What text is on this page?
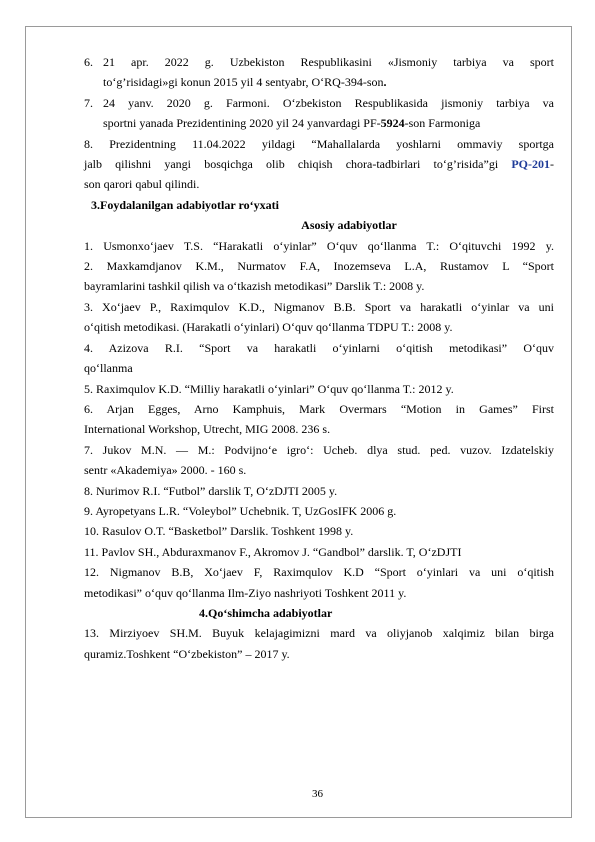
6. 21 apr. 2022 g. Uzbekiston Respublikasini «Jismoniy tarbiya va sport
to‘g’risidagi»gi konun 2015 yil 4 sentyabr, O‘RQ-394-son.
7. 24 yanv. 2020 g. Farmoni. O‘zbekiston Respublikasida jismoniy tarbiya va
sportni yanada Prezidentining 2020 yil 24 yanvardagi PF-5924-son Farmoniga
8. Prezidentning 11.04.2022 yildagi “Mahallalarda yoshlarni ommaviy sportga
jalb qilishni yangi bosqichga olib chiqish chora-tadbirlari to‘g’risida”gi PQ-201-
son qarori qabul qilindi.
3.Foydalanilgan adabiyotlar ro‘yxati
Asosiy adabiyotlar
1. Usmonxo‘jaev T.S. “Harakatli o‘yinlar” O‘quv qo‘llanma T.: O‘qituvchi 1992 y.
2. Maxkamdjanov K.M., Nurmatov F.A, Inozemseva L.A, Rustamov L “Sport
bayramlarini tashkil qilish va o‘tkazish metodikasi” Darslik T.: 2008 y.
3. Xo‘jaev P., Raximqulov K.D., Nigmanov B.B. Sport va harakatli o‘yinlar va uni
o‘qitish metodikasi. (Harakatli o‘yinlari) O‘quv qo‘llanma TDPU T.: 2008 y.
4. Azizova R.I. “Sport va harakatli o‘yinlarni o‘qitish metodikasi” O‘quv
qo‘llanma
5. Raximqulov K.D. “Milliy harakatli o‘yinlari” O‘quv qo‘llanma T.: 2012 y.
6. Arjan Egges, Arno Kamphuis, Mark Overmars “Motion in Games” First
International Workshop, Utrecht, MIG 2008. 236 s.
7. Jukov M.N. — M.: Podvijno‘e igro‘: Ucheb. dlya stud. ped. vuzov. Izdatelskiy
sentr «Akademiya» 2000. - 160 s.
8. Nurimov R.I. “Futbol” darslik T, O‘zDJTI 2005 y.
9. Ayropetyans L.R. “Voleybol” Uchebnik. T, UzGosIFK 2006 g.
10. Rasulov O.T. “Basketbol” Darslik. Toshkent 1998 y.
11. Pavlov SH., Abduraxmanov F., Akromov J. “Gandbol” darslik. T, O‘zDJTI
12. Nigmanov B.B, Xo‘jaev F, Raximqulov K.D “Sport o‘yinlari va uni o‘qitish
metodikasi” o‘quv qo‘llanma Ilm-Ziyo nashriyoti Toshkent 2011 y.
4.Qo‘shimcha adabiyotlar
13. Mirziyoev SH.M. Buyuk kelajagimizni mard va oliyjanob xalqimiz bilan birga
quramiz.Toshkent “O‘zbekiston” – 2017 y.
36
